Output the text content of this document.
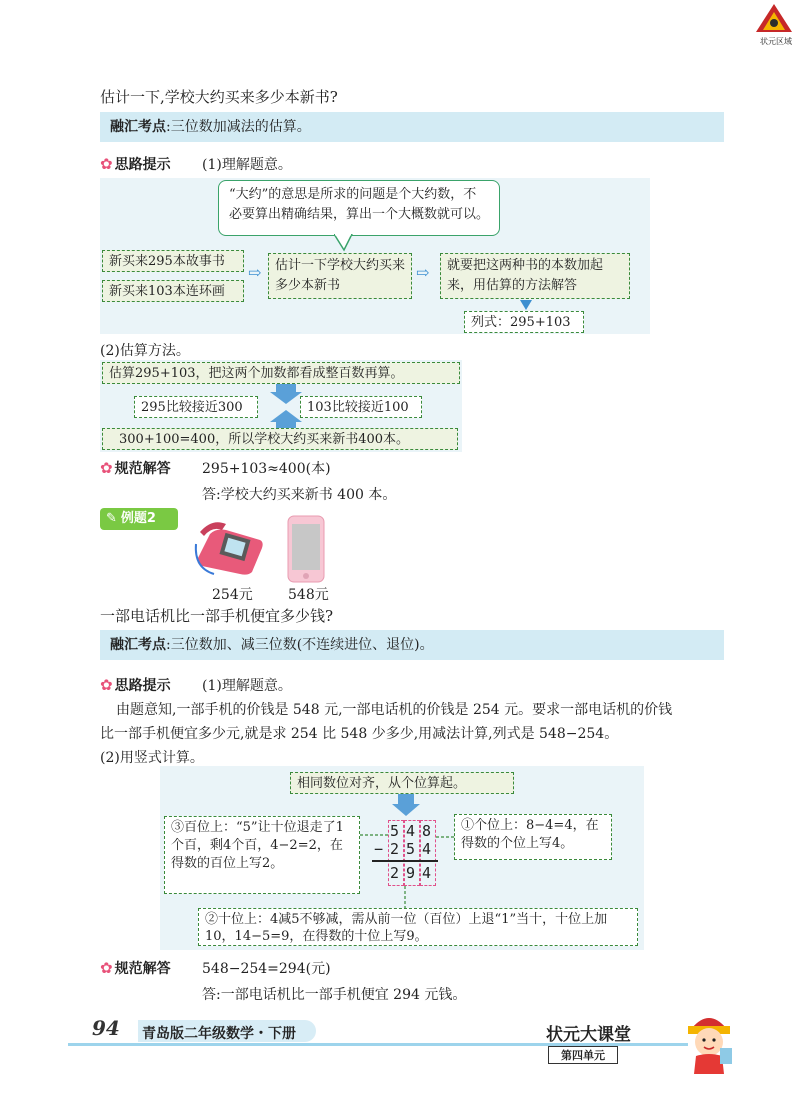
状元区域
估计一下,学校大约买来多少本新书?
融汇考点:三位数加减法的估算。
✿ 思路提示 (1)理解题意。
“大约”的意思是所求的问题是个大约数，不必要算出精确结果，算出一个大概数就可以。
新买来295本故事书
新买来103本连环画
⇨	估计一下学校大约买来多少本新书
⇨	就要把这两种书的本数加起来，用估算的方法解答
列式：295+103
(2)估算方法。
估算295+103，把这两个加数都看成整百数再算。
295比较接近300	103比较接近100
300+100=400，所以学校大约买来新书400本。
✿ 规范解答 295+103≈400(本)
答:学校大约买来新书 400 本。
✎ 例题2
254元	548元
一部电话机比一部手机便宜多少钱?
融汇考点:三位数加、减三位数(不连续进位、退位)。
✿ 思路提示 (1)理解题意。
由题意知,一部手机的价钱是 548 元,一部电话机的价钱是 254 元。要求一部电话机的价钱
比一部手机便宜多少元,就是求 254 比 548 少多少,用减法计算,列式是 548−254。
(2)用竖式计算。
相同数位对齐，从个位算起。
③百位上：“5”让十位退走了1个百，剩4个百，4−2=2，在得数的百位上写2。
①个位上：8−4=4，在得数的个位上写4。
5 4 8
− 2 5 4
2 9 4
②十位上：4减5不够减，需从前一位（百位）上退“1”当十，十位上加10，14−5=9，在得数的十位上写9。
✿ 规范解答 548−254=294(元)
答:一部电话机比一部手机便宜 294 元钱。
94 青岛版二年级数学・下册	状元大课堂
第四单元
